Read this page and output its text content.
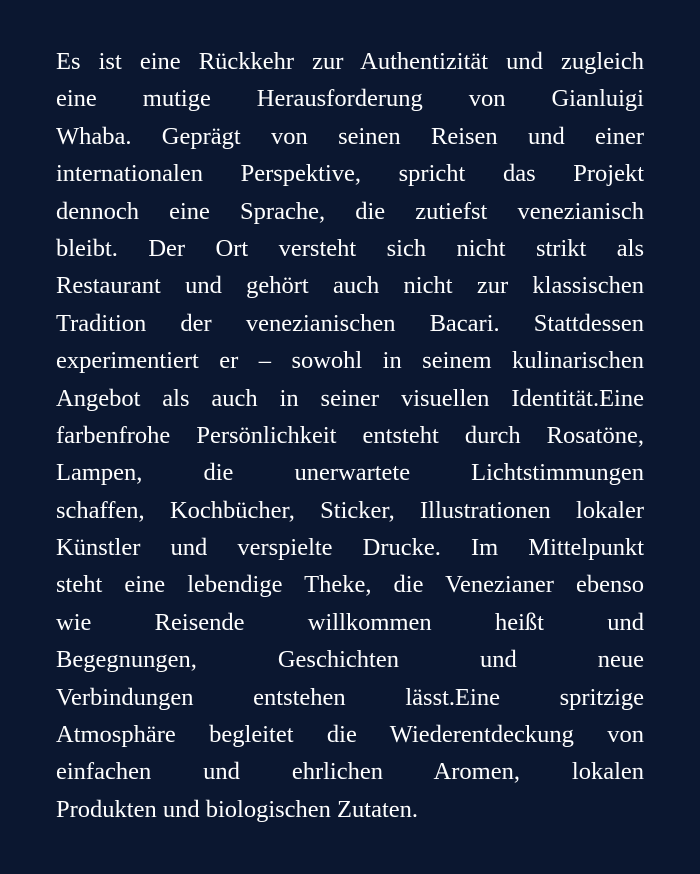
Es ist eine Rückkehr zur Authentizität und zugleich
eine mutige Herausforderung von Gianluigi
Whaba. Geprägt von seinen Reisen und einer
internationalen Perspektive, spricht das Projekt
dennoch eine Sprache, die zutiefst venezianisch
bleibt. Der Ort versteht sich nicht strikt als
Restaurant und gehört auch nicht zur klassischen
Tradition der venezianischen Bacari. Stattdessen
experimentiert er – sowohl in seinem kulinarischen
Angebot als auch in seiner visuellen Identität.Eine
farbenfrohe Persönlichkeit entsteht durch Rosatöne,
Lampen, die unerwartete Lichtstimmungen
schaffen, Kochbücher, Sticker, Illustrationen lokaler
Künstler und verspielte Drucke. Im Mittelpunkt
steht eine lebendige Theke, die Venezianer ebenso
wie Reisende willkommen heißt und
Begegnungen, Geschichten und neue
Verbindungen entstehen lässt.Eine spritzige
Atmosphäre begleitet die Wiederentdeckung von
einfachen und ehrlichen Aromen, lokalen
Produkten und biologischen Zutaten.
